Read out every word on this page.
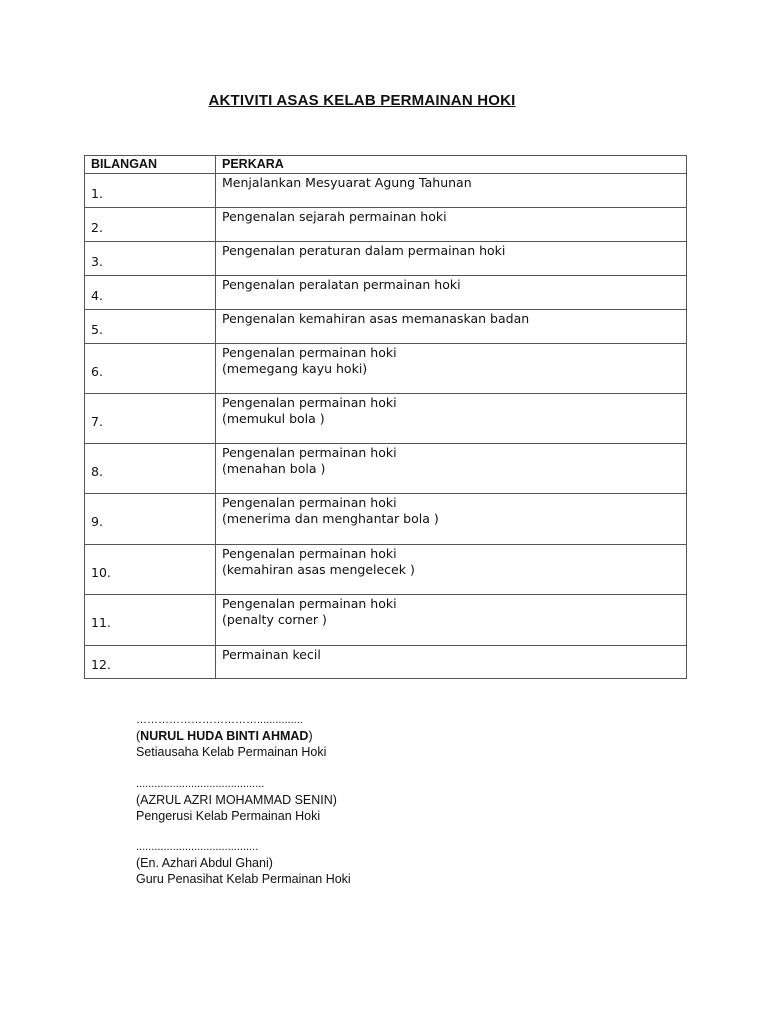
AKTIVITI ASAS KELAB PERMAINAN HOKI
BILANGAN	PERKARA
1.	Menjalankan Mesyuarat Agung Tahunan
2.	Pengenalan sejarah permainan hoki
3.	Pengenalan peraturan dalam permainan hoki
4.	Pengenalan peralatan permainan hoki
5.	Pengenalan kemahiran asas memanaskan badan
6.	Pengenalan permainan hoki
(memegang kayu hoki)

7.	Pengenalan permainan hoki
(memukul bola )

8.	Pengenalan permainan hoki
(menahan bola )

9.	Pengenalan permainan hoki
(menerima dan menghantar bola )

10.	Pengenalan permainan hoki
(kemahiran asas mengelecek )

11.	Pengenalan permainan hoki
(penalty corner )

12.	Permainan kecil
……………………………...............
(NURUL HUDA BINTI AHMAD)
Setiausaha Kelab Permainan Hoki
..........................................
(AZRUL AZRI MOHAMMAD SENIN)
Pengerusi Kelab Permainan Hoki
........................................
(En. Azhari Abdul Ghani)
Guru Penasihat Kelab Permainan Hoki
